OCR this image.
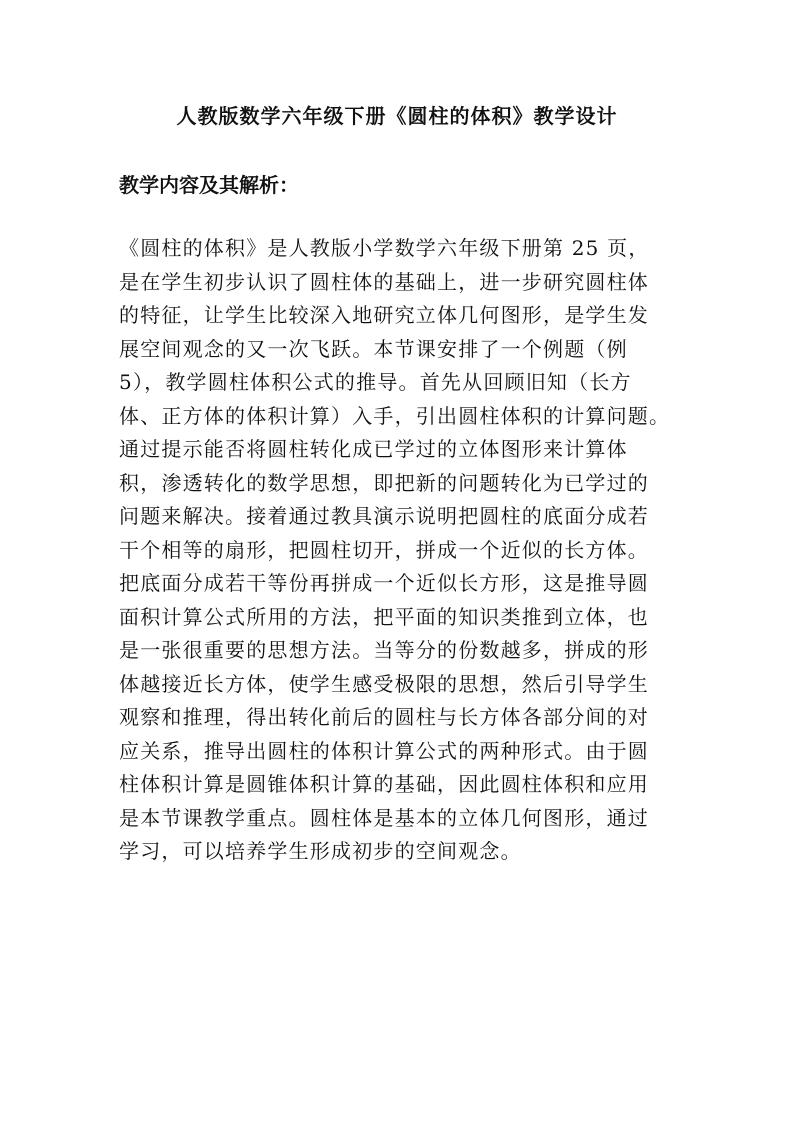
人教版数学六年级下册《圆柱的体积》教学设计
教学内容及其解析：
《圆柱的体积》是人教版小学数学六年级下册第 25 页，
是在学生初步认识了圆柱体的基础上，进一步研究圆柱体
的特征，让学生比较深入地研究立体几何图形，是学生发
展空间观念的又一次飞跃。本节课安排了一个例题（例
5），教学圆柱体积公式的推导。首先从回顾旧知（长方
体、正方体的体积计算）入手，引出圆柱体积的计算问题。
通过提示能否将圆柱转化成已学过的立体图形来计算体
积，渗透转化的数学思想，即把新的问题转化为已学过的
问题来解决。接着通过教具演示说明把圆柱的底面分成若
干个相等的扇形，把圆柱切开，拼成一个近似的长方体。
把底面分成若干等份再拼成一个近似长方形，这是推导圆
面积计算公式所用的方法，把平面的知识类推到立体，也
是一张很重要的思想方法。当等分的份数越多，拼成的形
体越接近长方体，使学生感受极限的思想，然后引导学生
观察和推理，得出转化前后的圆柱与长方体各部分间的对
应关系，推导出圆柱的体积计算公式的两种形式。由于圆
柱体积计算是圆锥体积计算的基础，因此圆柱体积和应用
是本节课教学重点。圆柱体是基本的立体几何图形，通过
学习，可以培养学生形成初步的空间观念。
